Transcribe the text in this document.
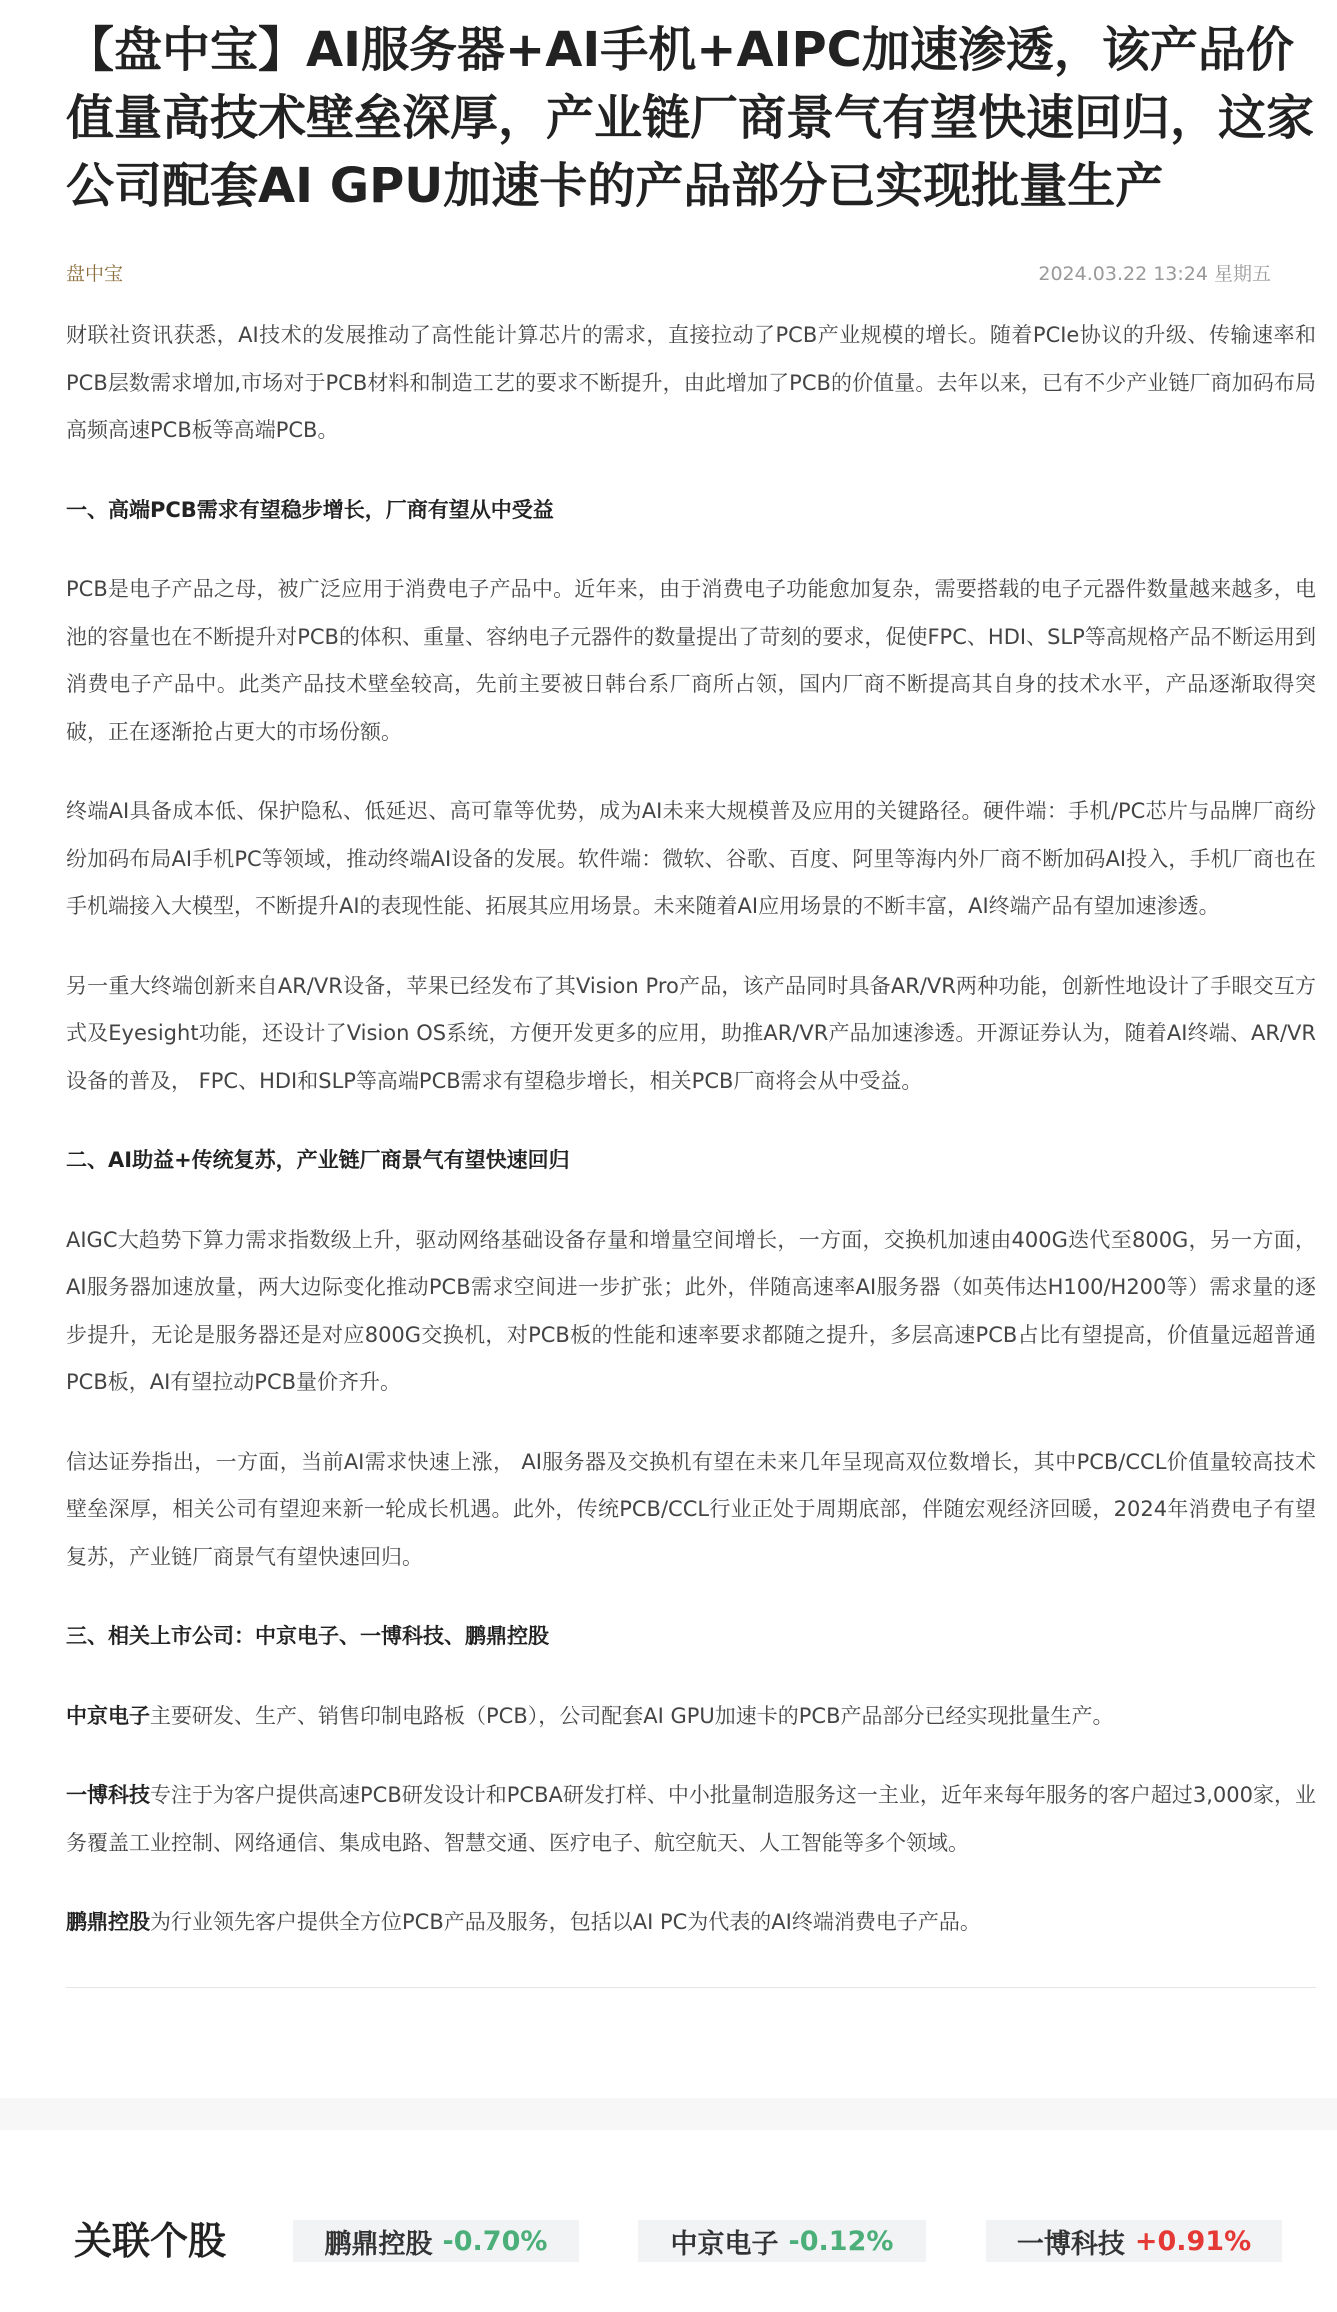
【盘中宝】AI服务器+AI手机+AIPC加速渗透，该产品价值量高技术壁垒深厚，产业链厂商景气有望快速回归，这家公司配套AI GPU加速卡的产品部分已实现批量生产
盘中宝	2024.03.22 13:24 星期五

财联社资讯获悉，AI技术的发展推动了高性能计算芯片的需求，直接拉动了PCB产业规模的增长。随着PCIe协议的升级、传输速率和PCB层数需求增加,市场对于PCB材料和制造工艺的要求不断提升，由此增加了PCB的价值量。去年以来，已有不少产业链厂商加码布局高频高速PCB板等高端PCB。

一、高端PCB需求有望稳步增长，厂商有望从中受益

PCB是电子产品之母，被广泛应用于消费电子产品中。近年来，由于消费电子功能愈加复杂，需要搭载的电子元器件数量越来越多，电池的容量也在不断提升对PCB的体积、重量、容纳电子元器件的数量提出了苛刻的要求，促使FPC、HDI、SLP等高规格产品不断运用到消费电子产品中。此类产品技术壁垒较高，先前主要被日韩台系厂商所占领，国内厂商不断提高其自身的技术水平，产品逐渐取得突破，正在逐渐抢占更大的市场份额。

终端AI具备成本低、保护隐私、低延迟、高可靠等优势，成为AI未来大规模普及应用的关键路径。硬件端：手机/PC芯片与品牌厂商纷纷加码布局AI手机PC等领域，推动终端AI设备的发展。软件端：微软、谷歌、百度、阿里等海内外厂商不断加码AI投入，手机厂商也在手机端接入大模型，不断提升AI的表现性能、拓展其应用场景。未来随着AI应用场景的不断丰富，AI终端产品有望加速渗透。

另一重大终端创新来自AR/VR设备，苹果已经发布了其Vision Pro产品，该产品同时具备AR/VR两种功能，创新性地设计了手眼交互方式及Eyesight功能，还设计了Vision OS系统，方便开发更多的应用，助推AR/VR产品加速渗透。开源证券认为，随着AI终端、AR/VR设备的普及， FPC、HDI和SLP等高端PCB需求有望稳步增长，相关PCB厂商将会从中受益。

二、AI助益+传统复苏，产业链厂商景气有望快速回归

AIGC大趋势下算力需求指数级上升，驱动网络基础设备存量和增量空间增长，一方面，交换机加速由400G迭代至800G，另一方面，AI服务器加速放量，两大边际变化推动PCB需求空间进一步扩张；此外，伴随高速率AI服务器（如英伟达H100/H200等）需求量的逐步提升，无论是服务器还是对应800G交换机，对PCB板的性能和速率要求都随之提升，多层高速PCB占比有望提高，价值量远超普通PCB板，AI有望拉动PCB量价齐升。

信达证券指出，一方面，当前AI需求快速上涨， AI服务器及交换机有望在未来几年呈现高双位数增长，其中PCB/CCL价值量较高技术壁垒深厚，相关公司有望迎来新一轮成长机遇。此外，传统PCB/CCL行业正处于周期底部，伴随宏观经济回暖，2024年消费电子有望复苏，产业链厂商景气有望快速回归。

三、相关上市公司：中京电子、一博科技、鹏鼎控股

中京电子主要研发、生产、销售印制电路板（PCB），公司配套AI GPU加速卡的PCB产品部分已经实现批量生产。

一博科技专注于为客户提供高速PCB研发设计和PCBA研发打样、中小批量制造服务这一主业，近年来每年服务的客户超过3,000家，业务覆盖工业控制、网络通信、集成电路、智慧交通、医疗电子、航空航天、人工智能等多个领域。

鹏鼎控股为行业领先客户提供全方位PCB产品及服务，包括以AI PC为代表的AI终端消费电子产品。

关联个股	鹏鼎控股 -0.70%	中京电子 -0.12%	一博科技 +0.91%
